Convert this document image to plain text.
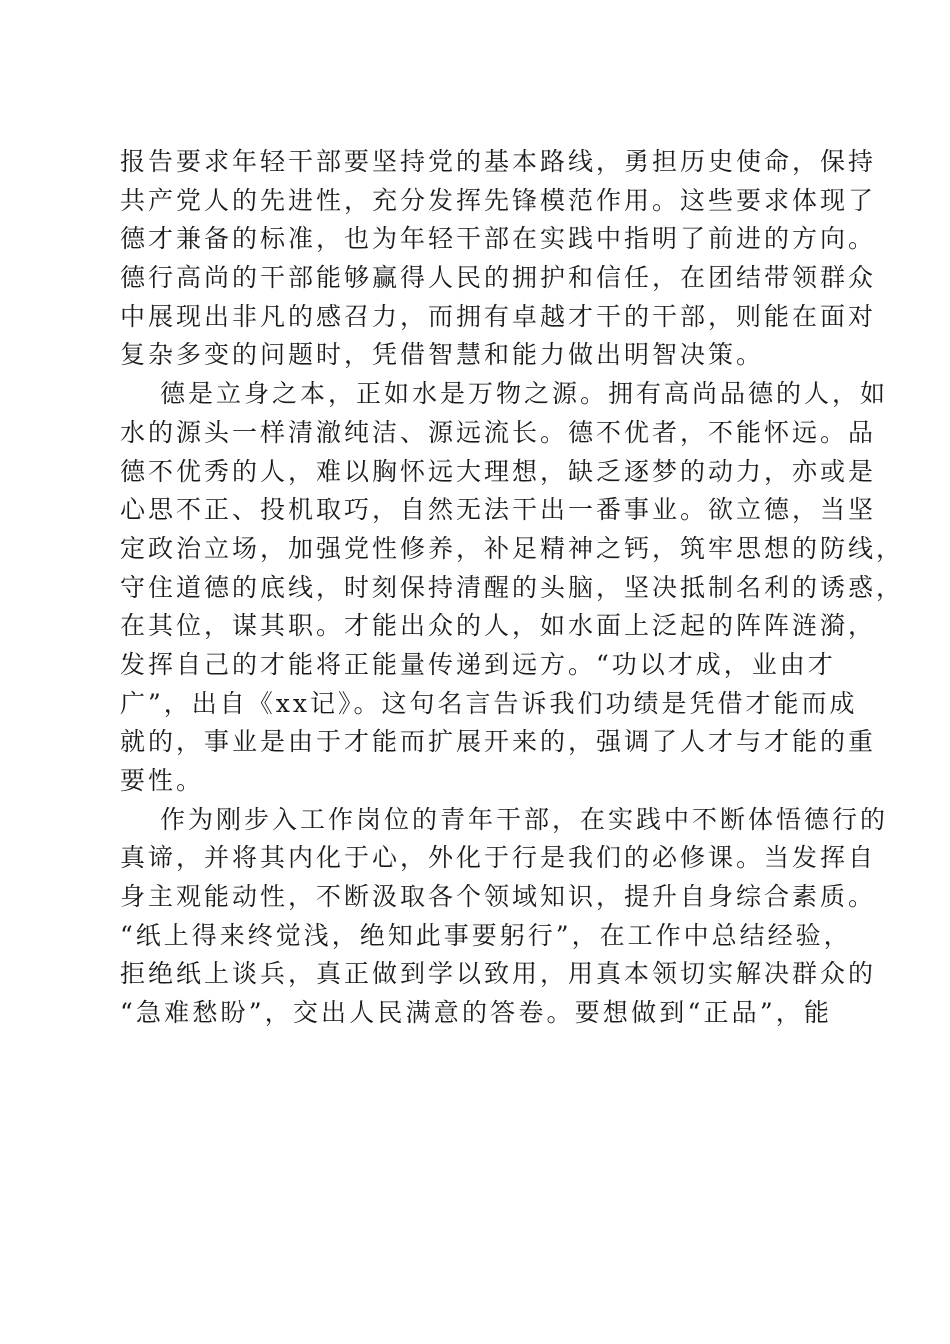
报告要求年轻干部要坚持党的基本路线，勇担历史使命，保持
共产党人的先进性，充分发挥先锋模范作用。这些要求体现了
德才兼备的标准，也为年轻干部在实践中指明了前进的方向。
德行高尚的干部能够赢得人民的拥护和信任，在团结带领群众
中展现出非凡的感召力，而拥有卓越才干的干部，则能在面对
复杂多变的问题时，凭借智慧和能力做出明智决策。
德是立身之本，正如水是万物之源。拥有高尚品德的人，如
水的源头一样清澈纯洁、源远流长。德不优者，不能怀远。品
德不优秀的人，难以胸怀远大理想，缺乏逐梦的动力，亦或是
心思不正、投机取巧，自然无法干出一番事业。欲立德，当坚
定政治立场，加强党性修养，补足精神之钙，筑牢思想的防线，
守住道德的底线，时刻保持清醒的头脑，坚决抵制名利的诱惑，
在其位，谋其职。才能出众的人，如水面上泛起的阵阵涟漪，
发挥自己的才能将正能量传递到远方。“功以才成，业由才
广”，出自《xx记》。这句名言告诉我们功绩是凭借才能而成
就的，事业是由于才能而扩展开来的，强调了人才与才能的重
要性。
作为刚步入工作岗位的青年干部，在实践中不断体悟德行的
真谛，并将其内化于心，外化于行是我们的必修课。当发挥自
身主观能动性，不断汲取各个领域知识，提升自身综合素质。
“纸上得来终觉浅，绝知此事要躬行”，在工作中总结经验，
拒绝纸上谈兵，真正做到学以致用，用真本领切实解决群众的
“急难愁盼”，交出人民满意的答卷。要想做到“正品”，能
